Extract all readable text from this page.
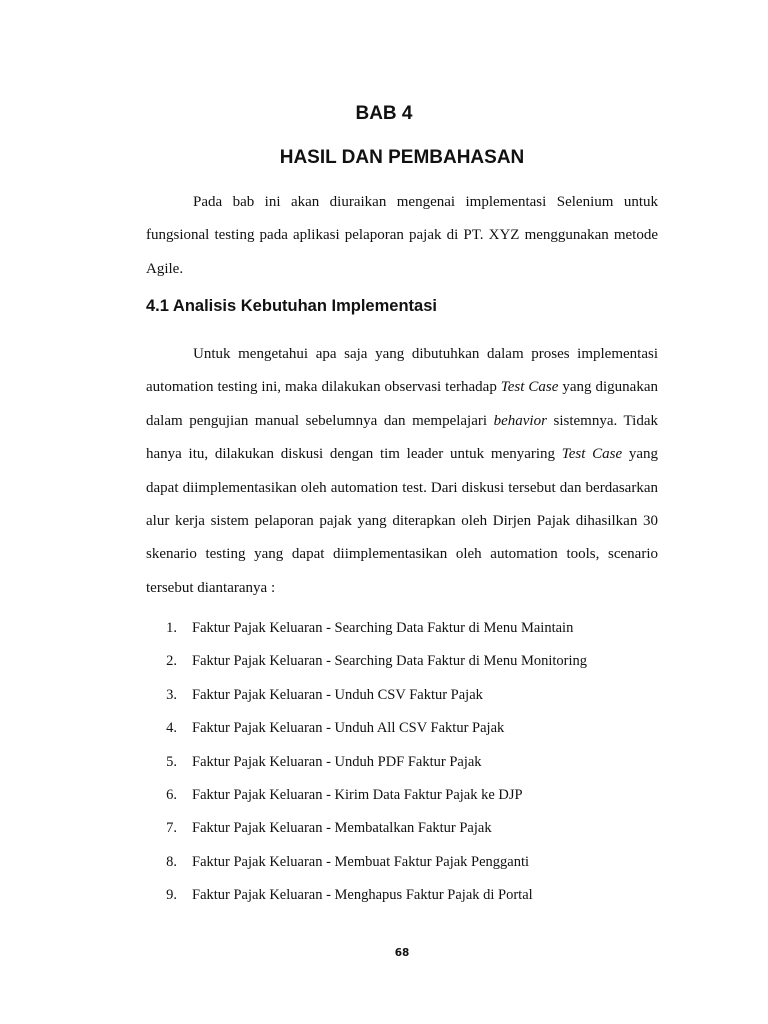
BAB 4
HASIL DAN PEMBAHASAN

Pada bab ini akan diuraikan mengenai implementasi Selenium untuk fungsional testing pada aplikasi pelaporan pajak di PT. XYZ menggunakan metode Agile.

4.1 Analisis Kebutuhan Implementasi

Untuk mengetahui apa saja yang dibutuhkan dalam proses implementasi automation testing ini, maka dilakukan observasi terhadap Test Case yang digunakan dalam pengujian manual sebelumnya dan mempelajari behavior sistemnya. Tidak hanya itu, dilakukan diskusi dengan tim leader untuk menyaring Test Case yang dapat diimplementasikan oleh automation test. Dari diskusi tersebut dan berdasarkan alur kerja sistem pelaporan pajak yang diterapkan oleh Dirjen Pajak dihasilkan 30 skenario testing yang dapat diimplementasikan oleh automation tools, scenario tersebut diantaranya :

1.	Faktur Pajak Keluaran - Searching Data Faktur di Menu Maintain
2.	Faktur Pajak Keluaran - Searching Data Faktur di Menu Monitoring
3.	Faktur Pajak Keluaran - Unduh CSV Faktur Pajak
4.	Faktur Pajak Keluaran - Unduh All CSV Faktur Pajak
5.	Faktur Pajak Keluaran - Unduh PDF Faktur Pajak
6.	Faktur Pajak Keluaran - Kirim Data Faktur Pajak ke DJP
7.	Faktur Pajak Keluaran - Membatalkan Faktur Pajak
8.	Faktur Pajak Keluaran - Membuat Faktur Pajak Pengganti
9.	Faktur Pajak Keluaran - Menghapus Faktur Pajak di Portal
68
